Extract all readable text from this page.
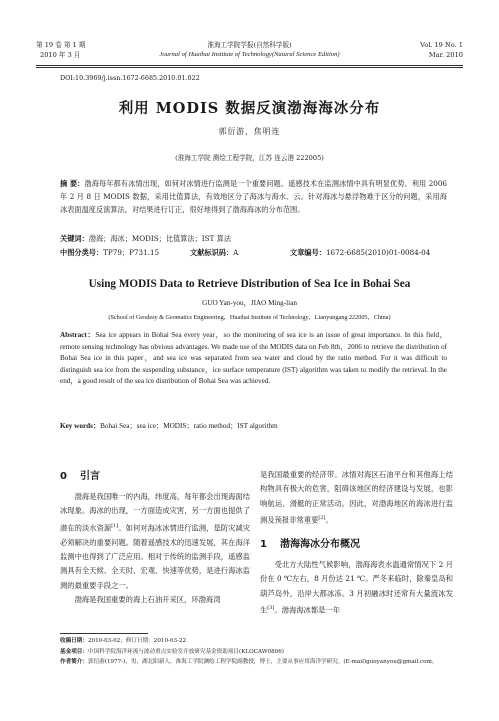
第 19 卷 第 1 期
2010 年 3 月
淮海工学院学报(自然科学版)
Journal of Huaihai Institute of Technology(Natural Science Edition)
Vol. 19 No. 1
Mar. 2010
DOI:10.3969/j.issn.1672-6685.2010.01.022
利用 MODIS 数据反演渤海海冰分布
郭衍游，焦明连
(淮海工学院 测绘工程学院，江苏 连云港 222005)
摘 要：渤海每年都有冰情出现，如何对冰情进行监测是一个重要问题。遥感技术在监测冰情中具有明显优势。利用 2006 年 2 月 8 日 MODIS 数据，采用比值算法，有效地区分了海冰与海水、云。针对海冰与悬浮物难于区分的问题，采用海冰表面温度反演算法，对结果进行订正，很好地得到了渤海海冰的分布范围。
关键词：渤海；海冰；MODIS；比值算法；IST 算法
中图分类号：TP79；P731.15	文献标识码：A	文章编号：1672-6685(2010)01-0084-04
Using MODIS Data to Retrieve Distribution of Sea Ice in Bohai Sea
GUO Yan-you，JIAO Ming-lian
(School of Geodesy & Geomatics Engineering，Huaihai Institute of Technology，Lianyungang 222005，China)
Abstract：Sea ice appears in Bohai Sea every year，so the monitoring of sea ice is an issue of great importance. In this field，remote sensing technology has obvious advantages. We made use of the MODIS data on Feb 8th，2006 to retrieve the distribution of Bohai Sea ice in this paper，and sea ice was separated from sea water and cloud by the ratio method. For it was difficult to distinguish sea ice from the suspending substance，ice surface temperature (IST) algorithm was taken to modify the retrieval. In the end，a good result of the sea ice distribution of Bohai Sea was achieved.
Key words：Bohai Sea；sea ice；MODIS；ratio method；IST algorithm
0 引言

渤海是我国唯一的内海，纬度高，每年都会出现海面结冰现象。海冰的出现，一方面造成灾害，另一方面也提供了潜在的淡水资源[1]。如何对海冰冰情进行监测，是防灾减灾必须解决的重要问题。随着遥感技术的迅速发展，其在海洋监测中也得到了广泛应用。相对于传统的监测手段，遥感监测具有全天候、全天时、宏观、快速等优势，是进行海冰监测的最重要手段之一。

渤海是我国重要的海上石油开采区，环渤海湾

是我国最重要的经济带。冰情对海区石油平台和其他海上结构物具有极大的危害，阻碍该地区的经济建设与发展，也影响航运、滑艇的正常活动。因此，对渤海地区的海冰进行监测及预报非常重要[2]。

1 渤海海冰分布概况

受北方大陆性气候影响，渤海海表水温通常情况下 2 月份在 0 ℃左右，8 月份达 21 ℃。严冬来临时，除秦皇岛和葫芦岛外，沿岸大都冰冻。3 月初融冰时还常有大量流冰发生[3]。渤海海冰都是一年

收稿日期：2010-03-02；修订日期：2010-03-22
基金项目：中国科学院海洋环流与波动重点实验室开放研究基金资助项目(KLOCAW0806)
作者简介：郭衍游(1977-)，男，湖北阳新人，淮海工学院测绘工程学院副教授，博士，主要从事应用海洋学研究。(E-mail)guoyanyou@gmail.com。
